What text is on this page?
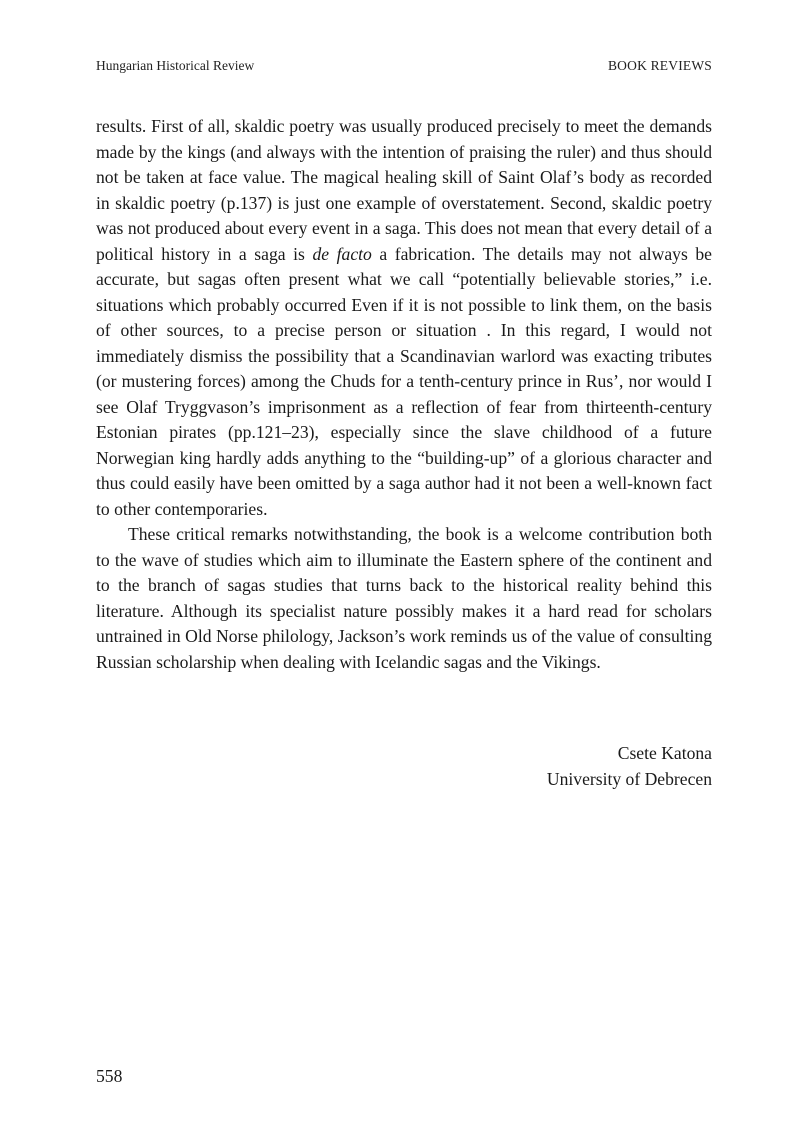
Hungarian Historical Review	BOOK REVIEWS

results. First of all, skaldic poetry was usually produced precisely to meet the demands made by the kings (and always with the intention of praising the ruler) and thus should not be taken at face value. The magical healing skill of Saint Olaf’s body as recorded in skaldic poetry (p.137) is just one example of overstatement. Second, skaldic poetry was not produced about every event in a saga. This does not mean that every detail of a political history in a saga is de facto a fabrication. The details may not always be accurate, but sagas often present what we call “potentially believable stories,” i.e. situations which probably occurred Even if it is not possible to link them, on the basis of other sources, to a precise person or situation . In this regard, I would not immediately dismiss the possibility that a Scandinavian warlord was exacting tributes (or mustering forces) among the Chuds for a tenth-century prince in Rus’, nor would I see Olaf Tryggvason’s imprisonment as a reflection of fear from thirteenth-century Estonian pirates (pp.121–23), especially since the slave childhood of a future Norwegian king hardly adds anything to the “building-up” of a glorious character and thus could easily have been omitted by a saga author had it not been a well-known fact to other contemporaries.

These critical remarks notwithstanding, the book is a welcome contribution both to the wave of studies which aim to illuminate the Eastern sphere of the continent and to the branch of sagas studies that turns back to the historical reality behind this literature. Although its specialist nature possibly makes it a hard read for scholars untrained in Old Norse philology, Jackson’s work reminds us of the value of consulting Russian scholarship when dealing with Icelandic sagas and the Vikings.

Csete Katona
University of Debrecen
558
